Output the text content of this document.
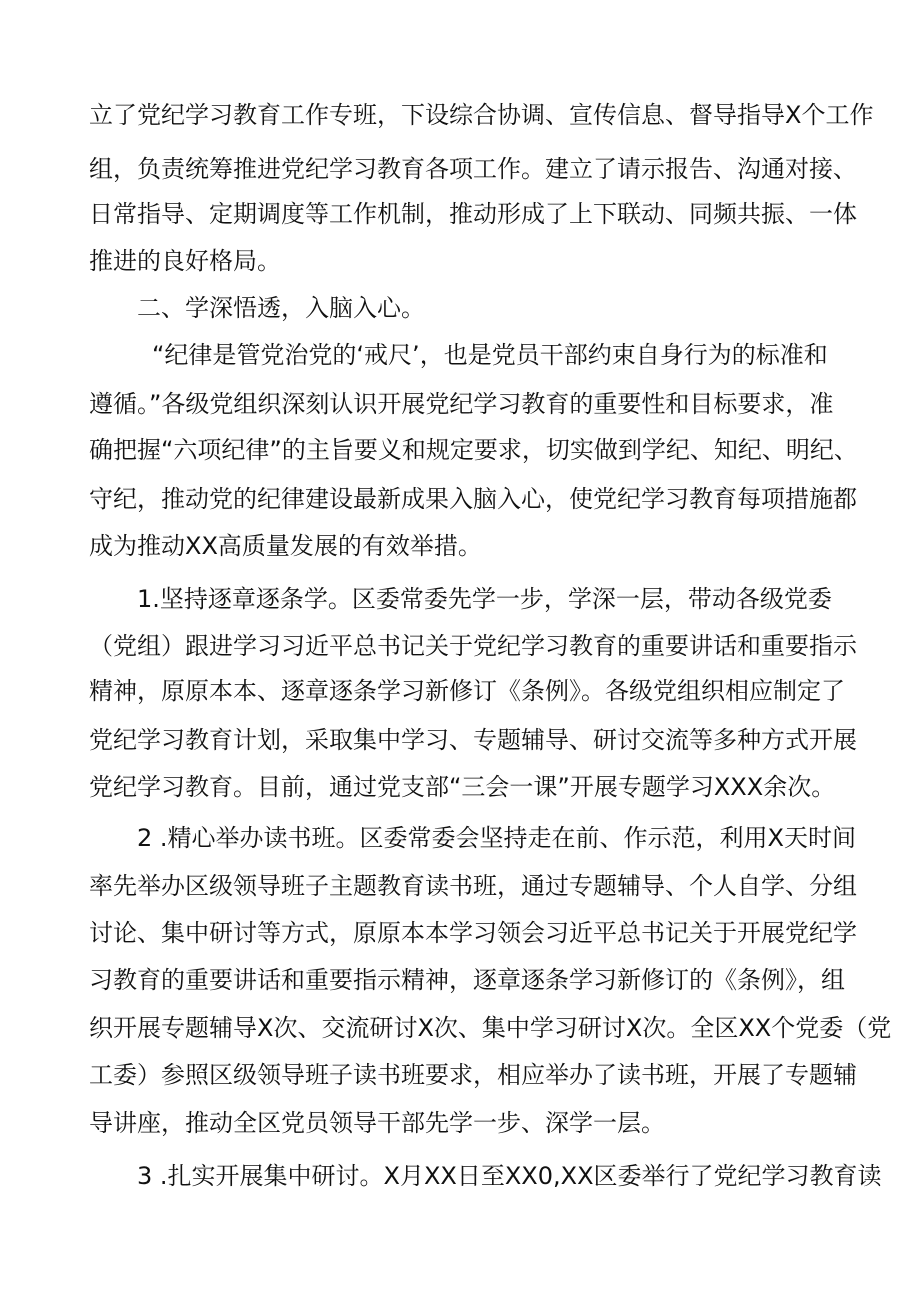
立了党纪学习教育工作专班，下设综合协调、宣传信息、督导指导X个工作
组，负责统筹推进党纪学习教育各项工作。建立了请示报告、沟通对接、
日常指导、定期调度等工作机制，推动形成了上下联动、同频共振、一体
推进的良好格局。
二、学深悟透，入脑入心。
“纪律是管党治党的‘戒尺’，也是党员干部约束自身行为的标准和
遵循。”各级党组织深刻认识开展党纪学习教育的重要性和目标要求，准
确把握“六项纪律”的主旨要义和规定要求，切实做到学纪、知纪、明纪、
守纪，推动党的纪律建设最新成果入脑入心，使党纪学习教育每项措施都
成为推动XX高质量发展的有效举措。
1.坚持逐章逐条学。区委常委先学一步，学深一层，带动各级党委
（党组）跟进学习习近平总书记关于党纪学习教育的重要讲话和重要指示
精神，原原本本、逐章逐条学习新修订《条例》。各级党组织相应制定了
党纪学习教育计划，采取集中学习、专题辅导、研讨交流等多种方式开展
党纪学习教育。目前，通过党支部“三会一课”开展专题学习XXX余次。
2 .精心举办读书班。区委常委会坚持走在前、作示范，利用X天时间
率先举办区级领导班子主题教育读书班，通过专题辅导、个人自学、分组
讨论、集中研讨等方式，原原本本学习领会习近平总书记关于开展党纪学
习教育的重要讲话和重要指示精神，逐章逐条学习新修订的《条例》，组
织开展专题辅导X次、交流研讨X次、集中学习研讨X次。全区XX个党委（党
工委）参照区级领导班子读书班要求，相应举办了读书班，开展了专题辅
导讲座，推动全区党员领导干部先学一步、深学一层。
3 .扎实开展集中研讨。X月XX日至XX0,XX区委举行了党纪学习教育读
